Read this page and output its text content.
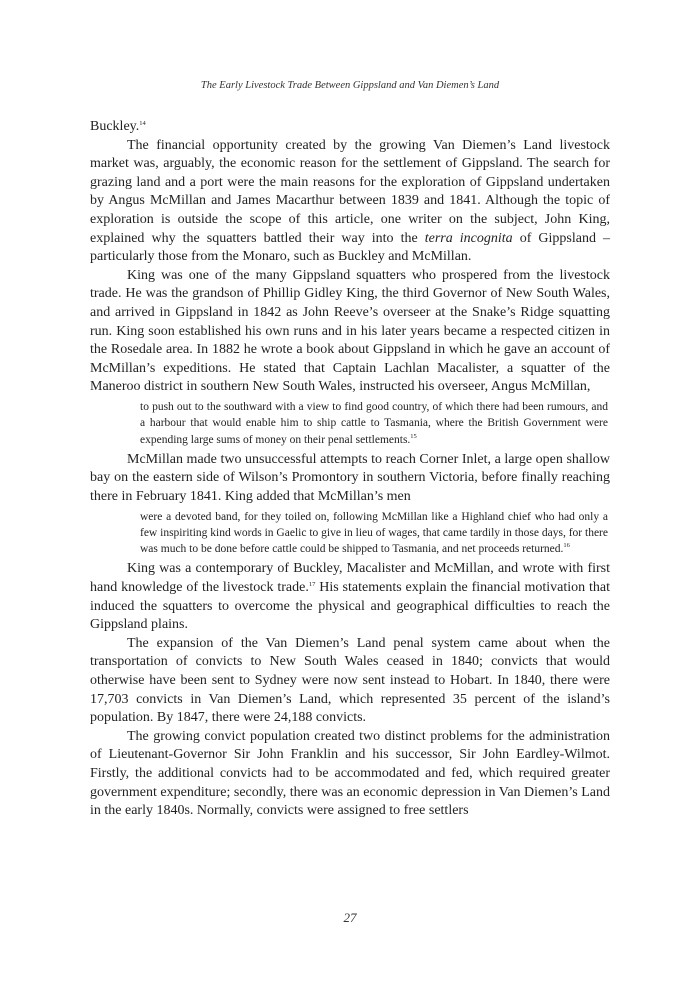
The Early Livestock Trade Between Gippsland and Van Diemen’s Land

Buckley.$^{14}$

The financial opportunity created by the growing Van Diemen’s Land livestock market was, arguably, the economic reason for the settlement of Gippsland. The search for grazing land and a port were the main reasons for the exploration of Gippsland undertaken by Angus McMillan and James Macarthur between 1839 and 1841. Although the topic of exploration is outside the scope of this article, one writer on the subject, John King, explained why the squatters battled their way into the terra incognita of Gippsland – particularly those from the Monaro, such as Buckley and McMillan.

King was one of the many Gippsland squatters who prospered from the livestock trade. He was the grandson of Phillip Gidley King, the third Governor of New South Wales, and arrived in Gippsland in 1842 as John Reeve’s overseer at the Snake’s Ridge squatting run. King soon established his own runs and in his later years became a respected citizen in the Rosedale area. In 1882 he wrote a book about Gippsland in which he gave an account of McMillan’s expeditions. He stated that Captain Lachlan Macalister, a squatter of the Maneroo district in southern New South Wales, instructed his overseer, Angus McMillan,

to push out to the southward with a view to find good country, of which there had been rumours, and a harbour that would enable him to ship cattle to Tasmania, where the British Government were expending large sums of money on their penal settlements.$^{15}$

McMillan made two unsuccessful attempts to reach Corner Inlet, a large open shallow bay on the eastern side of Wilson’s Promontory in southern Victoria, before finally reaching there in February 1841. King added that McMillan’s men

were a devoted band, for they toiled on, following McMillan like a Highland chief who had only a few inspiriting kind words in Gaelic to give in lieu of wages, that came tardily in those days, for there was much to be done before cattle could be shipped to Tasmania, and net proceeds returned.$^{16}$

King was a contemporary of Buckley, Macalister and McMillan, and wrote with first hand knowledge of the livestock trade.$^{17}$ His statements explain the financial motivation that induced the squatters to overcome the physical and geographical difficulties to reach the Gippsland plains.

The expansion of the Van Diemen’s Land penal system came about when the transportation of convicts to New South Wales ceased in 1840; convicts that would otherwise have been sent to Sydney were now sent instead to Hobart. In 1840, there were 17,703 convicts in Van Diemen’s Land, which represented 35 percent of the island’s population. By 1847, there were 24,188 convicts.

The growing convict population created two distinct problems for the administration of Lieutenant-Governor Sir John Franklin and his successor, Sir John Eardley-Wilmot. Firstly, the additional convicts had to be accommodated and fed, which required greater government expenditure; secondly, there was an economic depression in Van Diemen’s Land in the early 1840s. Normally, convicts were assigned to free settlers

27
